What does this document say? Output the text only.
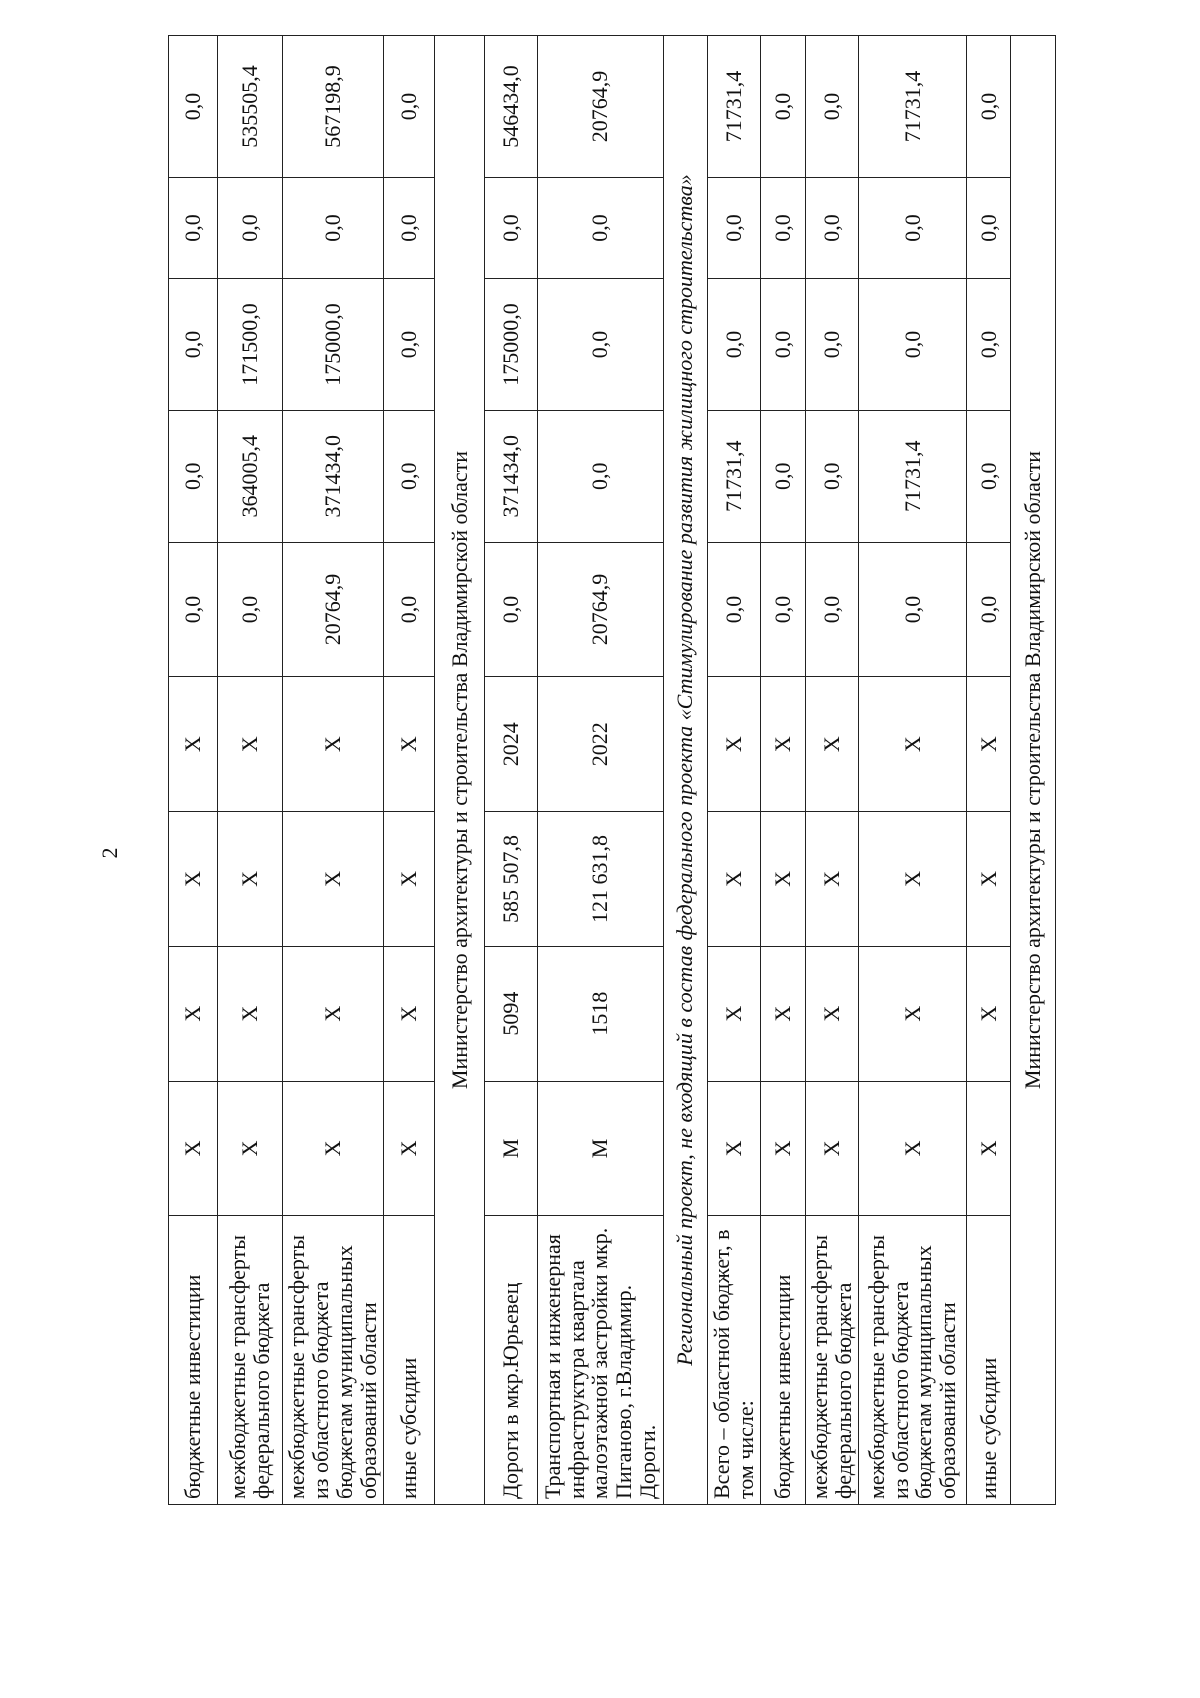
2
бюджетные инвестиции	Х	Х	Х	Х	0,0	0,0	0,0	0,0	0,0
межбюджетные трансферты федерального бюджета	Х	Х	Х	Х	0,0	364005,4	171500,0	0,0	535505,4
межбюджетные трансферты из областного бюджета бюджетам муниципальных образований области	Х	Х	Х	Х	20764,9	371434,0	175000,0	0,0	567198,9
иные субсидии	Х	Х	Х	Х	0,0	0,0	0,0	0,0	0,0
Министерство архитектуры и строительства Владимирской области									
Дороги в мкр.Юрьевец	М	5094	585 507,8	2024	0,0	371434,0	175000,0	0,0	546434,0
Транспортная и инженерная инфраструктура квартала малоэтажной застройки мкр. Пиганово, г.Владимир. Дороги.	М	1518	121 631,8	2022	20764,9	0,0	0,0	0,0	20764,9
Региональный проект, не входящий в состав федерального проекта «Стимулирование развития жилищного строительства»									
Всего – областной бюджет, в том числе:	Х	Х	Х	Х	0,0	71731,4	0,0	0,0	71731,4
бюджетные инвестиции	Х	Х	Х	Х	0,0	0,0	0,0	0,0	0,0
межбюджетные трансферты федерального бюджета	Х	Х	Х	Х	0,0	0,0	0,0	0,0	0,0
межбюджетные трансферты из областного бюджета бюджетам муниципальных образований области	Х	Х	Х	Х	0,0	71731,4	0,0	0,0	71731,4
иные субсидии	Х	Х	Х	Х	0,0	0,0	0,0	0,0	0,0
Министерство архитектуры и строительства Владимирской области									
